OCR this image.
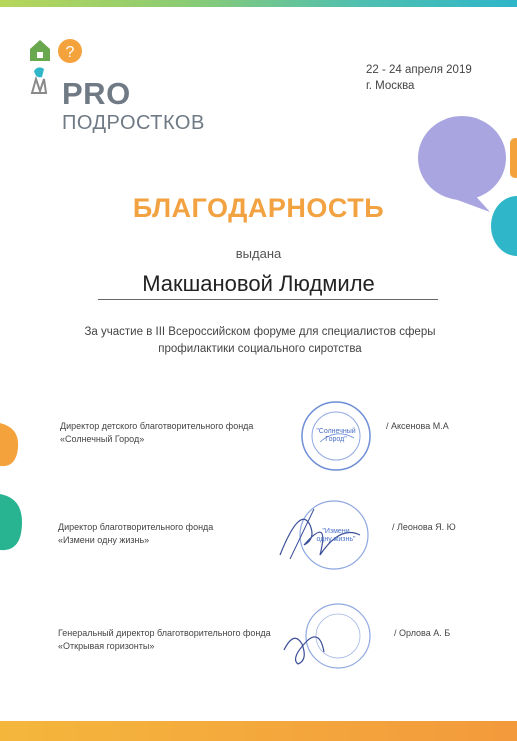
?
PRO
ПОДРОСТКОВ
22 - 24 апреля 2019
г. Москва
БЛАГОДАРНОСТЬ
выдана
Макшановой Людмиле
За участие в III Всероссийском форуме для специалистов сферы
профилактики социального сиротства
Директор детского благотворительного фонда
«Солнечный Город»
"Солнечный
Город"
/ Аксенова М.А
Директор благотворительного фонда
«Измени одну жизнь»
"Измени
одну жизнь"
/ Леонова Я. Ю
Генеральный директор благотворительного фонда
«Открывая горизонты»
/ Орлова А. Б
